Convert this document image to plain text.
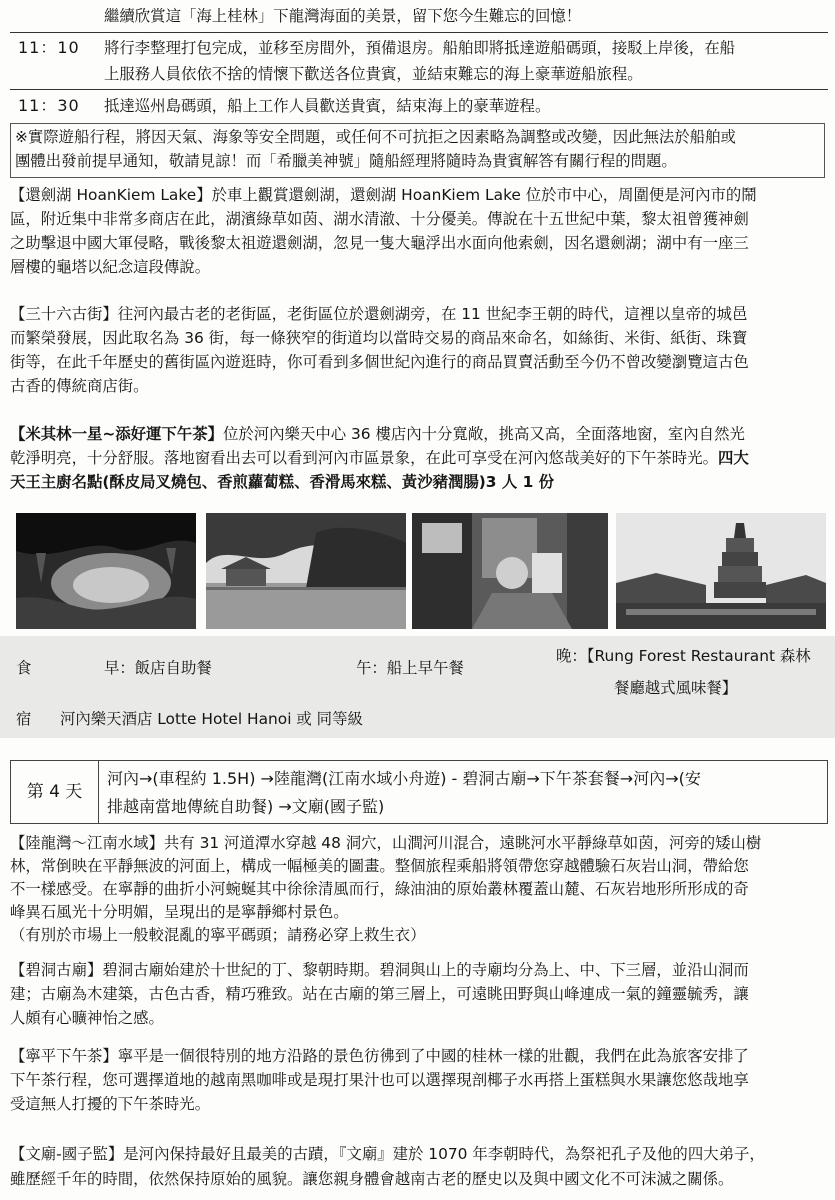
繼續欣賞這「海上桂林」下龍灣海面的美景，留下您今生難忘的回憶！
11：10 將行李整理打包完成，並移至房間外，預備退房。船舶即將抵達遊船碼頭，接駁上岸後，在船
上服務人員依依不捨的情懷下歡送各位貴賓，並結束難忘的海上豪華遊船旅程。
11：30 抵達巡州島碼頭，船上工作人員歡送貴賓，結束海上的豪華遊程。
※實際遊船行程，將因天氣、海象等安全問題，或任何不可抗拒之因素略為調整或改變，因此無法於船舶或
團體出發前提早通知，敬請見諒！而「希臘美神號」隨船經理將隨時為貴賓解答有關行程的問題。
【還劍湖 HoanKiem Lake】於車上觀賞還劍湖，還劍湖 HoanKiem Lake 位於市中心，周圍便是河內市的鬧
區，附近集中非常多商店在此，湖濱綠草如茵、湖水清澈、十分優美。傳說在十五世紀中葉，黎太祖曾獲神劍
之助擊退中國大軍侵略，戰後黎太祖遊還劍湖，忽見一隻大龜浮出水面向他索劍，因名還劍湖；湖中有一座三
層樓的龜塔以紀念這段傳說。
【三十六古街】往河內最古老的老街區，老街區位於還劍湖旁，在 11 世紀李王朝的時代，這裡以皇帝的城邑
而繁榮發展，因此取名為 36 街，每一條狹窄的街道均以當時交易的商品來命名，如絲街、米街、紙街、珠寶
街等，在此千年歷史的舊街區內遊逛時，你可看到多個世紀內進行的商品買賣活動至今仍不曾改變瀏覽這古色
古香的傳統商店街。
【米其林一星~添好運下午茶】位於河內樂天中心 36 樓店內十分寬敞，挑高又高，全面落地窗，室內自然光
乾淨明亮，十分舒服。落地窗看出去可以看到河內市區景象，在此可享受在河內悠哉美好的下午茶時光。四大
天王主廚名點(酥皮局叉燒包、香煎蘿蔔糕、香滑馬來糕、黃沙豬潤腸)3 人 1 份
食	早：飯店自助餐	午：船上早午餐
晚：【Rung Forest Restaurant 森林
餐廳越式風味餐】
宿 河內樂天酒店 Lotte Hotel Hanoi 或 同等級
第 4 天
河內→(車程約 1.5H) →陸龍灣(江南水域小舟遊) - 碧洞古廟→下午茶套餐→河內→(安
排越南當地傳統自助餐) →文廟(國子監)
【陸龍灣～江南水域】共有 31 河道潭水穿越 48 洞穴，山澗河川混合，遠眺河水平靜綠草如茵，河旁的矮山樹
林，常倒映在平靜無波的河面上，構成一幅極美的圖畫。整個旅程乘船將領帶您穿越體驗石灰岩山洞，帶給您
不一樣感受。在寧靜的曲折小河蜿蜒其中徐徐清風而行，綠油油的原始叢林覆蓋山麓、石灰岩地形所形成的奇
峰異石風光十分明媚，呈現出的是寧靜鄉村景色。
（有別於市場上一般較混亂的寧平碼頭；請務必穿上救生衣）
【碧洞古廟】碧洞古廟始建於十世紀的丁、黎朝時期。碧洞與山上的寺廟均分為上、中、下三層，並沿山洞而
建；古廟為木建築，古色古香，精巧雅致。站在古廟的第三層上，可遠眺田野與山峰連成一氣的鐘靈毓秀，讓
人頗有心曠神怡之感。
【寧平下午茶】寧平是一個很特別的地方沿路的景色彷彿到了中國的桂林一樣的壯觀，我們在此為旅客安排了
下午茶行程，您可選擇道地的越南黑咖啡或是現打果汁也可以選擇現剖椰子水再搭上蛋糕與水果讓您悠哉地享
受這無人打擾的下午茶時光。
【文廟-國子監】是河內保持最好且最美的古蹟，『文廟』建於 1070 年李朝時代，為祭祀孔子及他的四大弟子，
雖歷經千年的時間，依然保持原始的風貌。讓您親身體會越南古老的歷史以及與中國文化不可沫滅之關係。
